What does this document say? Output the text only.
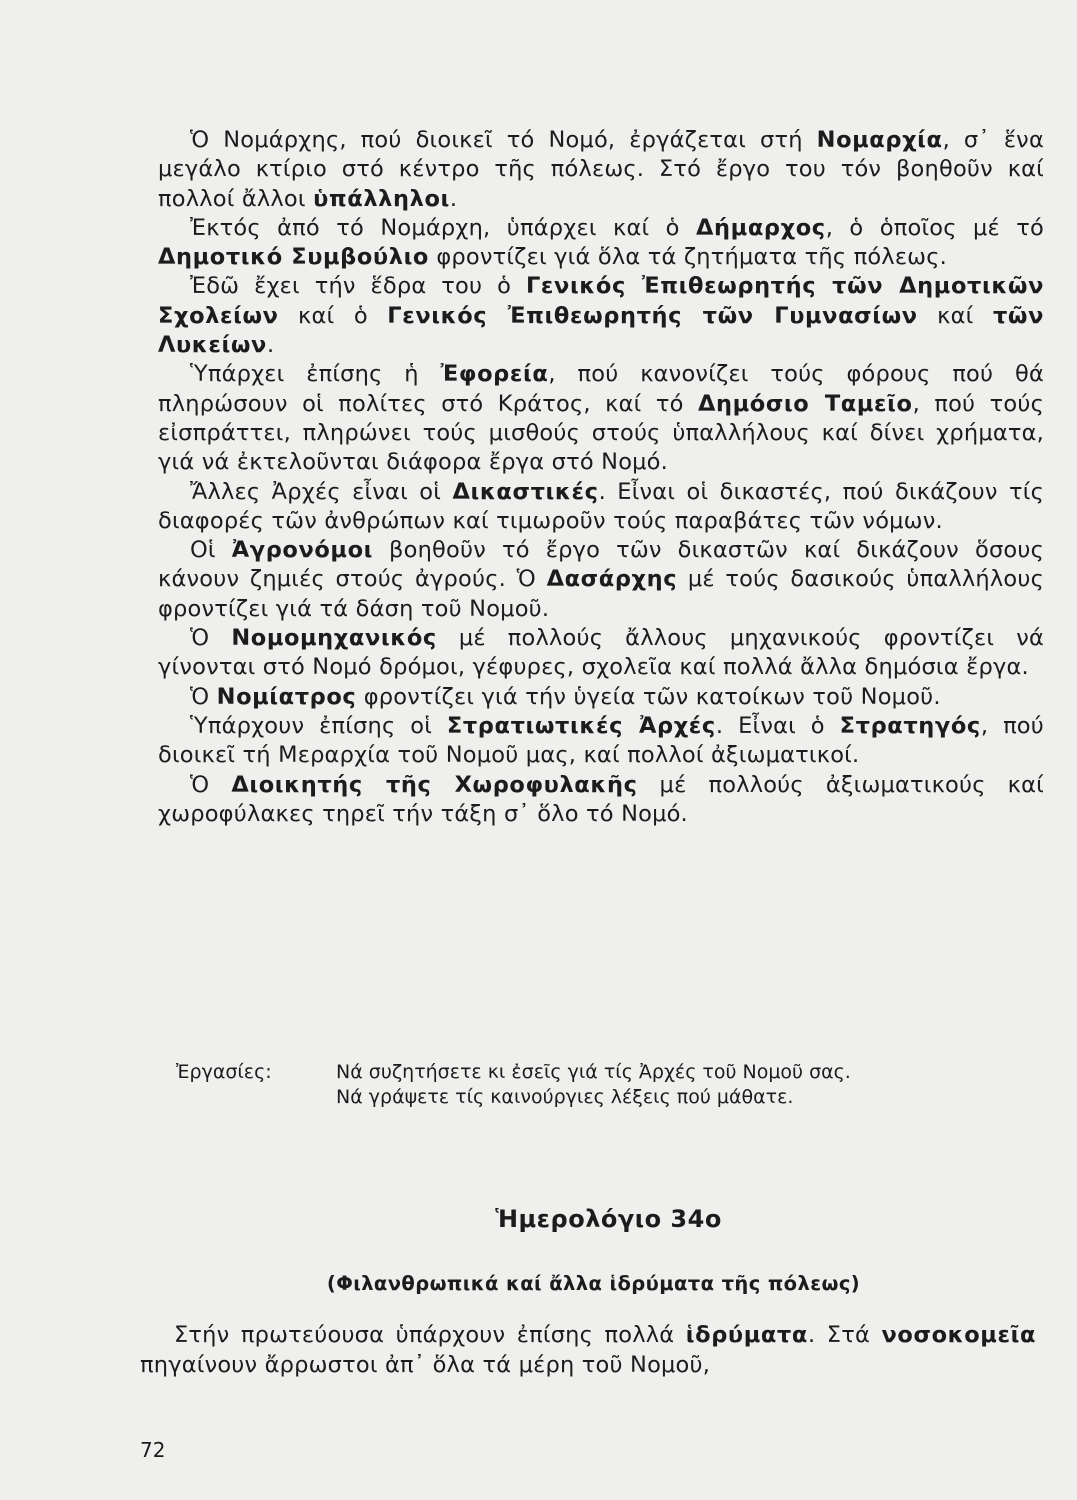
Ὁ Νομάρχης, πού διοικεῖ τό Νομό, ἐργάζεται στή Νομαρχία, σ᾽ ἕνα μεγάλο κτίριο στό κέντρο τῆς πόλεως. Στό ἔργο του τόν βοηθοῦν καί πολλοί ἄλλοι ὑπάλληλοι.

Ἐκτός ἀπό τό Νομάρχη, ὑπάρχει καί ὁ Δήμαρχος, ὁ ὁποῖος μέ τό Δημοτικό Συμβούλιο φροντίζει γιά ὅλα τά ζητήματα τῆς πόλεως.

Ἐδῶ ἔχει τήν ἕδρα του ὁ Γενικός Ἐπιθεωρητής τῶν Δημοτικῶν Σχολείων καί ὁ Γενικός Ἐπιθεωρητής τῶν Γυμνασίων καί τῶν Λυκείων.

Ὑπάρχει ἐπίσης ἡ Ἐφορεία, πού κανονίζει τούς φόρους πού θά πληρώσουν οἱ πολίτες στό Κράτος, καί τό Δημόσιο Ταμεῖο, πού τούς εἰσπράττει, πληρώνει τούς μισθούς στούς ὑπαλλήλους καί δίνει χρήματα, γιά νά ἐκτελοῦνται διάφορα ἔργα στό Νομό.

Ἄλλες Ἀρχές εἶναι οἱ Δικαστικές. Εἶναι οἱ δικαστές, πού δικάζουν τίς διαφορές τῶν ἀνθρώπων καί τιμωροῦν τούς παραβάτες τῶν νόμων.

Οἱ Ἀγρονόμοι βοηθοῦν τό ἔργο τῶν δικαστῶν καί δικάζουν ὅσους κάνουν ζημιές στούς ἀγρούς. Ὁ Δασάρχης μέ τούς δασικούς ὑπαλλήλους φροντίζει γιά τά δάση τοῦ Νομοῦ.

Ὁ Νομομηχανικός μέ πολλούς ἄλλους μηχανικούς φροντίζει νά γίνονται στό Νομό δρόμοι, γέφυρες, σχολεῖα καί πολλά ἄλλα δημόσια ἔργα.

Ὁ Νομίατρος φροντίζει γιά τήν ὑγεία τῶν κατοίκων τοῦ Νομοῦ.

Ὑπάρχουν ἐπίσης οἱ Στρατιωτικές Ἀρχές. Εἶναι ὁ Στρατηγός, πού διοικεῖ τή Μεραρχία τοῦ Νομοῦ μας, καί πολλοί ἀξιωματικοί.

Ὁ Διοικητής τῆς Χωροφυλακῆς μέ πολλούς ἀξιωματικούς καί χωροφύλακες τηρεῖ τήν τάξη σ᾽ ὅλο τό Νομό.

Ἐργασίες:	Νά συζητήσετε κι ἐσεῖς γιά τίς Ἀρχές τοῦ Νομοῦ σας.

Νά γράψετε τίς καινούργιες λέξεις πού μάθατε.

Ἡμερολόγιο 34ο
(Φιλανθρωπικά καί ἄλλα ἱδρύματα τῆς πόλεως)

Στήν πρωτεύουσα ὑπάρχουν ἐπίσης πολλά ἱδρύματα. Στά νοσοκομεῖα πηγαίνουν ἄρρωστοι ἀπ᾽ ὅλα τά μέρη τοῦ Νομοῦ,

72
